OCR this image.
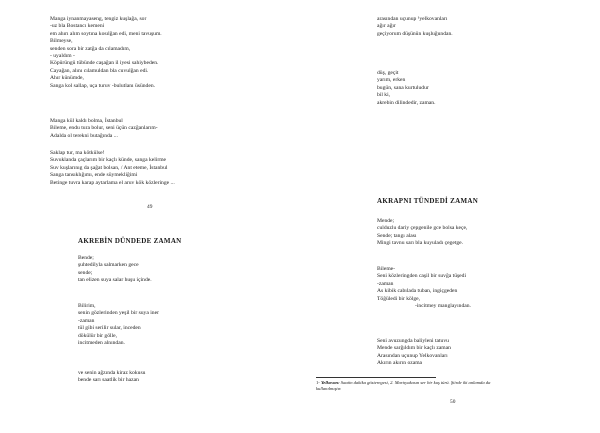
Manga iynanmayaseng, tengiz kuşlağa, sor
-uz bla Bostancı kemeni
em ahırı alım soytına kosılğan edi, meni tavuşum.
Bilmeyse,
senden sora bir zatğa da cılamadım,
- uyaldım -
Köpürüngü tübünde caşağan il iyesi sahiybeden.
Cayağan, alını cılamuldan bla cuvulğan edi.
Ahır künümde,
Sanga kol sallap, uça turuv -bulutlanı üsünden.
Manga kül kaldı bolma, İstanbul
Bileme, endu tura bolur, seni üçün cazğanlarım-
Adalda ol terekni butağında ...
Saklap tur, ma kötkülse!
Suvuklanda çaçlarım bir kaçlı künde, sanga kelirme
Suv kuşlarınıg da şağat bolsan, / Ant eteme, İstanbul
Sanga tansıklığımı, ende süymekliğimi
Betinge tuvra karap aytarlama el aruv kök közleringe ...
49
AKREBİN DÜNDEDE ZAMAN
Bende;
şuhtedilyla salmarken gece
sende;
tan elizen suya salar huşu içinde.
Bilirim,
senin gözlerinden yeşil bir suya iner
-zaman
tül gibi serilir sular, inceden
dökülür bir gölle,
incitmeden alnından.
ve senin ağzında kiraz kokusu
bende sarı saatlik bir hazan
arasından uçunup ¹yelkovanları
ağır ağır
geçiyorum düşünün kuşluğundan.
düş, geçit
yarım, erken
bugün, sana kurtuludur
bil ki,
akrebin dilindedir, zaman.
AKRAPNI TÜNDEDİ ZAMAN
Mende;
culduzlu dariy çepgenile gce bolsa keçe,
Sende; tangı alası
Mingi tavnu sarı bla kuyuladı çegetge.
Bileme-
Seni közleringden caşil bir suvğa tüşedi
-zaman
As kibik cabılada tuban, ingiçgeden
Töğüledi bir kölge,
-incitmey manglayından.
Seni avuzungda baliyleni tatuvu
Mende sarğıldım bir kaçlı zaman
Arasından uçunup Yelkovanları
Akırın akırın ozama
1- Yelkovan: Saatin dakika gösteregesi, 2. Martıyakasın ser bir kuş türü. Şiirde iki anlamda da kullanılmıştır.
50
